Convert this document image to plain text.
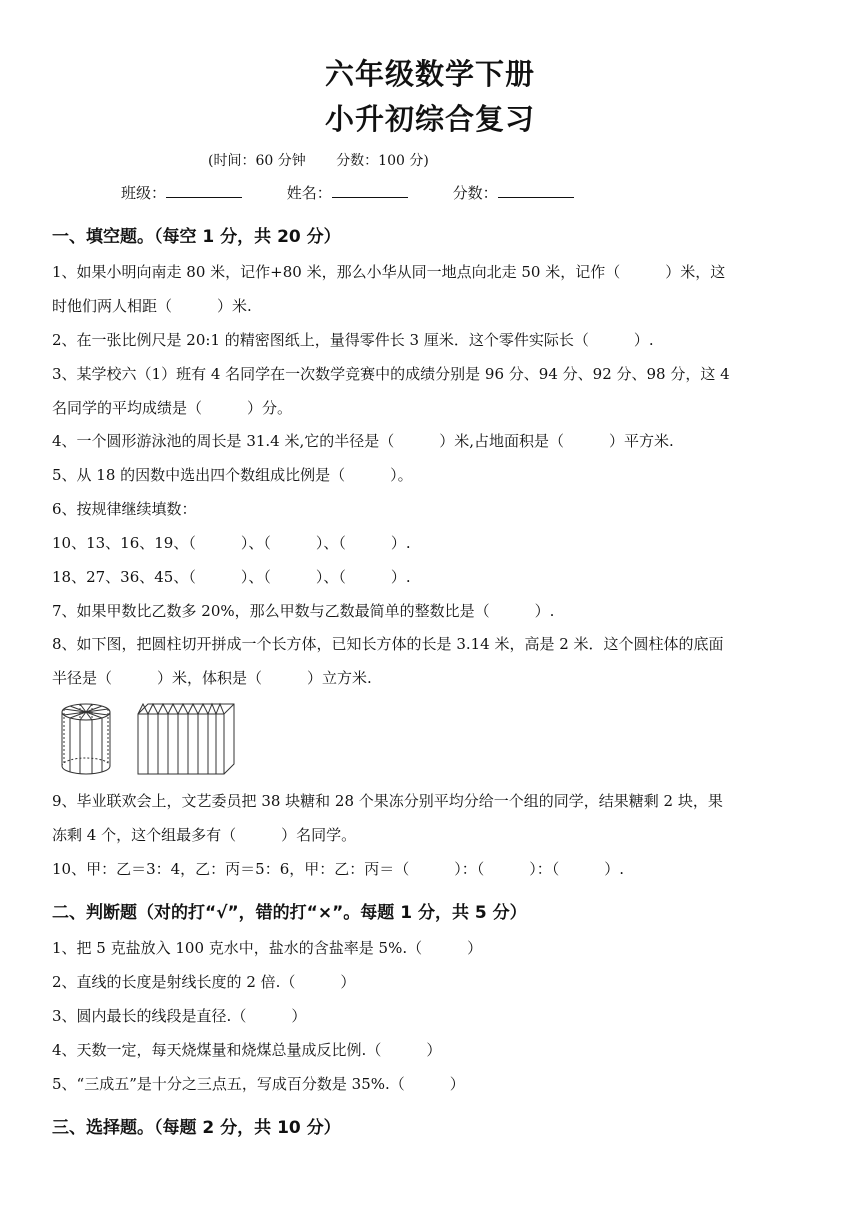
六年级数学下册
小升初综合复习
(时间：60 分钟 分数：100 分)
班级：	姓名：	分数：
一、填空题。（每空 1 分，共 20 分）
1、如果小明向南走 80 米，记作+80 米，那么小华从同一地点向北走 50 米，记作（　　　）米，这
时他们两人相距（　　　）米.
2、在一张比例尺是 20:1 的精密图纸上，量得零件长 3 厘米．这个零件实际长（　　　）.
3、某学校六（1）班有 4 名同学在一次数学竞赛中的成绩分别是 96 分、94 分、92 分、98 分，这 4
名同学的平均成绩是（　　　）分。
4、一个圆形游泳池的周长是 31.4 米,它的半径是（　　　）米,占地面积是（　　　）平方米.
5、从 18 的因数中选出四个数组成比例是（　　　）。
6、按规律继续填数：
10、13、16、19、（　　　）、（　　　）、（　　　）.
18、27、36、45、（　　　）、（　　　）、（　　　）.
7、如果甲数比乙数多 20%，那么甲数与乙数最简单的整数比是（　　　）.
8、如下图，把圆柱切开拼成一个长方体，已知长方体的长是 3.14 米，高是 2 米．这个圆柱体的底面
半径是（　　　）米，体积是（　　　）立方米.
9、毕业联欢会上，文艺委员把 38 块糖和 28 个果冻分别平均分给一个组的同学，结果糖剩 2 块，果
冻剩 4 个，这个组最多有（　　　）名同学。
10、甲：乙＝3：4，乙：丙＝5：6，甲：乙：丙＝（　　　）：（　　　）：（　　　）.
二、判断题（对的打“√”，错的打“×”。每题 1 分，共 5 分）
1、把 5 克盐放入 100 克水中，盐水的含盐率是 5%.（　　　）
2、直线的长度是射线长度的 2 倍.（　　　）
3、圆内最长的线段是直径.（　　　）
4、天数一定，每天烧煤量和烧煤总量成反比例.（　　　）
5、“三成五”是十分之三点五，写成百分数是 35%.（　　　）
三、选择题。（每题 2 分，共 10 分）
